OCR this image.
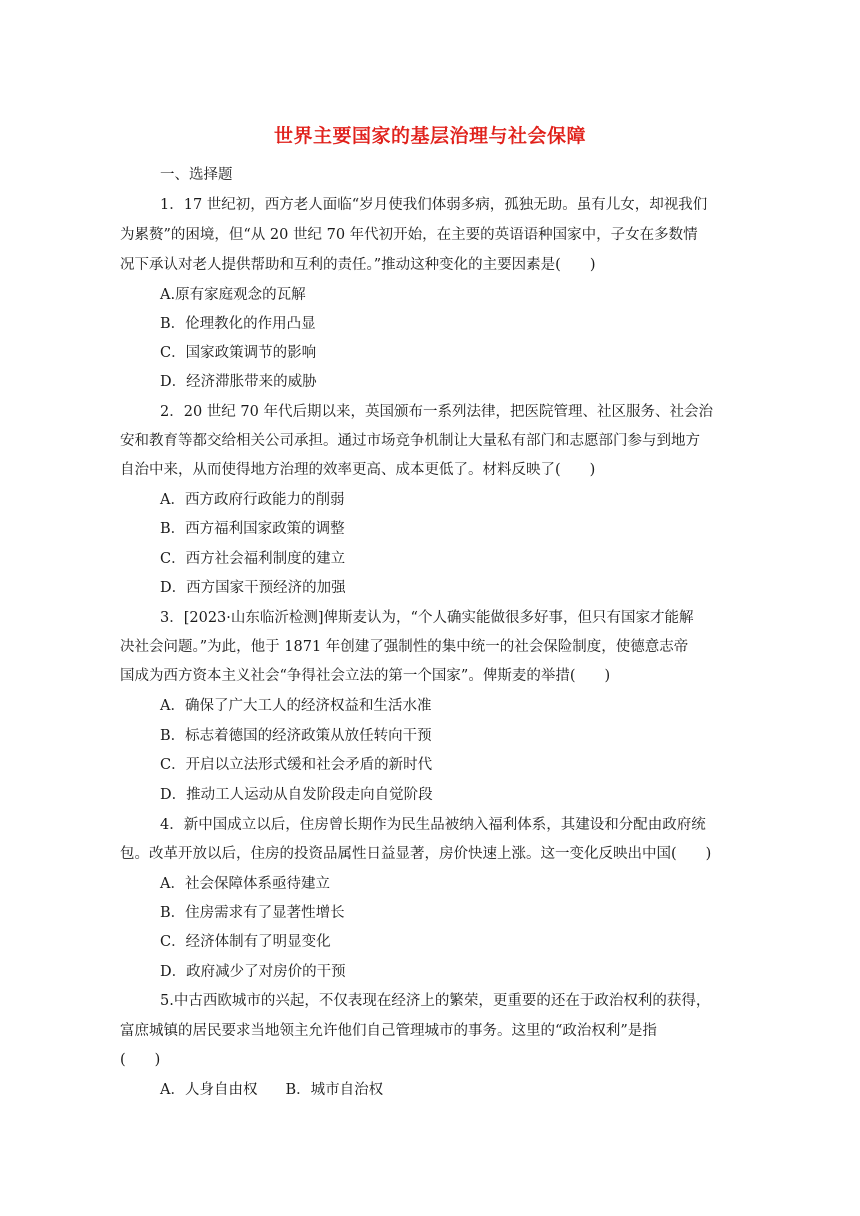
世界主要国家的基层治理与社会保障
一、选择题
1．17 世纪初，西方老人面临“岁月使我们体弱多病，孤独无助。虽有儿女，却视我们
为累赘”的困境，但“从 20 世纪 70 年代初开始，在主要的英语语种国家中，子女在多数情
况下承认对老人提供帮助和互利的责任。”推动这种变化的主要因素是(　　)
A.原有家庭观念的瓦解
B．伦理教化的作用凸显
C．国家政策调节的影响
D．经济滞胀带来的威胁
2．20 世纪 70 年代后期以来，英国颁布一系列法律，把医院管理、社区服务、社会治
安和教育等都交给相关公司承担。通过市场竞争机制让大量私有部门和志愿部门参与到地方
自治中来，从而使得地方治理的效率更高、成本更低了。材料反映了(　　)
A．西方政府行政能力的削弱
B．西方福利国家政策的调整
C．西方社会福利制度的建立
D．西方国家干预经济的加强
3．[2023·山东临沂检测]俾斯麦认为，“个人确实能做很多好事，但只有国家才能解
决社会问题。”为此，他于 1871 年创建了强制性的集中统一的社会保险制度，使德意志帝
国成为西方资本主义社会“争得社会立法的第一个国家”。俾斯麦的举措(　　)
A．确保了广大工人的经济权益和生活水准
B．标志着德国的经济政策从放任转向干预
C．开启以立法形式缓和社会矛盾的新时代
D．推动工人运动从自发阶段走向自觉阶段
4．新中国成立以后，住房曾长期作为民生品被纳入福利体系，其建设和分配由政府统
包。改革开放以后，住房的投资品属性日益显著，房价快速上涨。这一变化反映出中国(　　)
A．社会保障体系亟待建立
B．住房需求有了显著性增长
C．经济体制有了明显变化
D．政府减少了对房价的干预
5.中古西欧城市的兴起，不仅表现在经济上的繁荣，更重要的还在于政治权利的获得，
富庶城镇的居民要求当地领主允许他们自己管理城市的事务。这里的“政治权利”是指
(　　)
A．人身自由权 B．城市自治权
